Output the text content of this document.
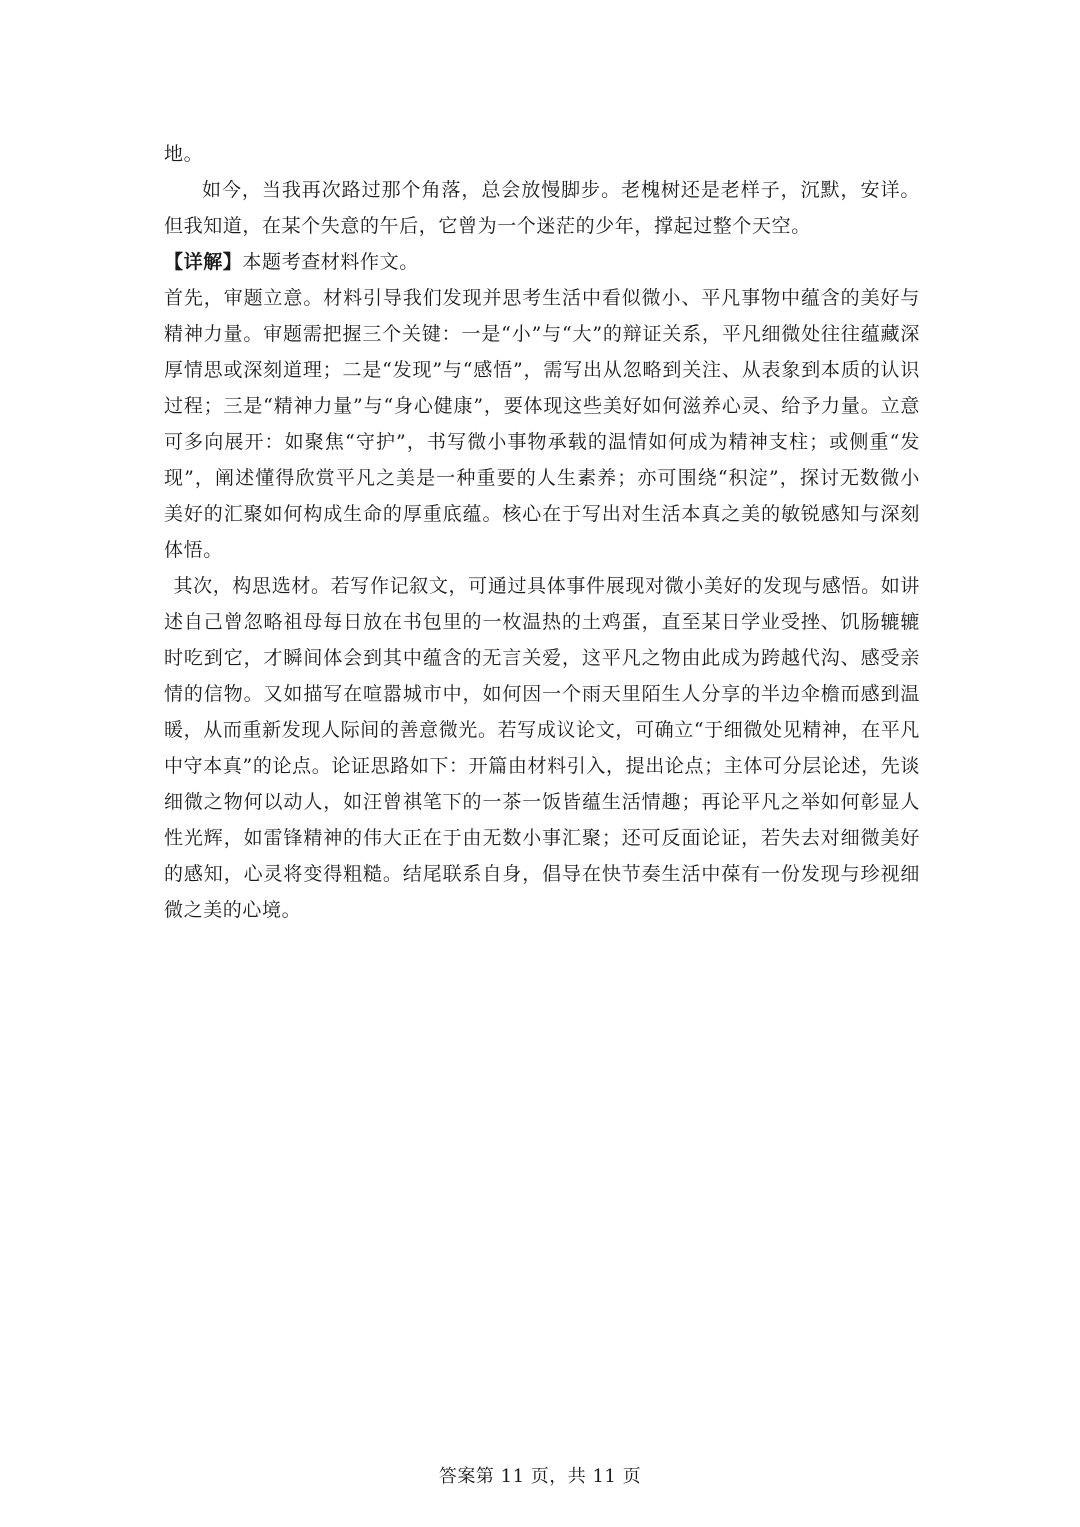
地。

如今，当我再次路过那个角落，总会放慢脚步。老槐树还是老样子，沉默，安详。但我知道，在某个失意的午后，它曾为一个迷茫的少年，撑起过整个天空。

【详解】本题考查材料作文。

首先，审题立意。材料引导我们发现并思考生活中看似微小、平凡事物中蕴含的美好与精神力量。审题需把握三个关键：一是“小”与“大”的辩证关系，平凡细微处往往蕴藏深厚情思或深刻道理；二是“发现”与“感悟”，需写出从忽略到关注、从表象到本质的认识过程；三是“精神力量”与“身心健康”，要体现这些美好如何滋养心灵、给予力量。立意可多向展开：如聚焦“守护”，书写微小事物承载的温情如何成为精神支柱；或侧重“发现”，阐述懂得欣赏平凡之美是一种重要的人生素养；亦可围绕“积淀”，探讨无数微小美好的汇聚如何构成生命的厚重底蕴。核心在于写出对生活本真之美的敏锐感知与深刻体悟。

其次，构思选材。若写作记叙文，可通过具体事件展现对微小美好的发现与感悟。如讲述自己曾忽略祖母每日放在书包里的一枚温热的土鸡蛋，直至某日学业受挫、饥肠辘辘时吃到它，才瞬间体会到其中蕴含的无言关爱，这平凡之物由此成为跨越代沟、感受亲情的信物。又如描写在喧嚣城市中，如何因一个雨天里陌生人分享的半边伞檐而感到温暖，从而重新发现人际间的善意微光。若写成议论文，可确立“于细微处见精神，在平凡中守本真”的论点。论证思路如下：开篇由材料引入，提出论点；主体可分层论述，先谈细微之物何以动人，如汪曾祺笔下的一茶一饭皆蕴生活情趣；再论平凡之举如何彰显人性光辉，如雷锋精神的伟大正在于由无数小事汇聚；还可反面论证，若失去对细微美好的感知，心灵将变得粗糙。结尾联系自身，倡导在快节奏生活中葆有一份发现与珍视细微之美的心境。

答案第 11 页，共 11 页
